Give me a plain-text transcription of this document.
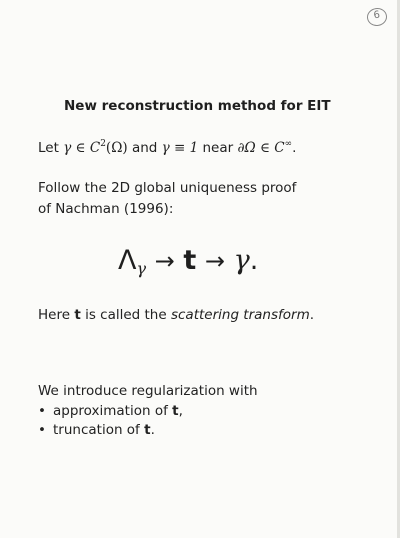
6
New reconstruction method for EIT
Let γ ∈ $C^2(\Omega)$ and γ ≡ 1 near ∂Ω ∈ C∞.
Follow the 2D global uniqueness proof
of Nachman (1996):
$\Lambda_\gamma \to t \to \gamma$.
Here t is called the scattering transform.
We introduce regularization with
• approximation of t,
• truncation of t.
